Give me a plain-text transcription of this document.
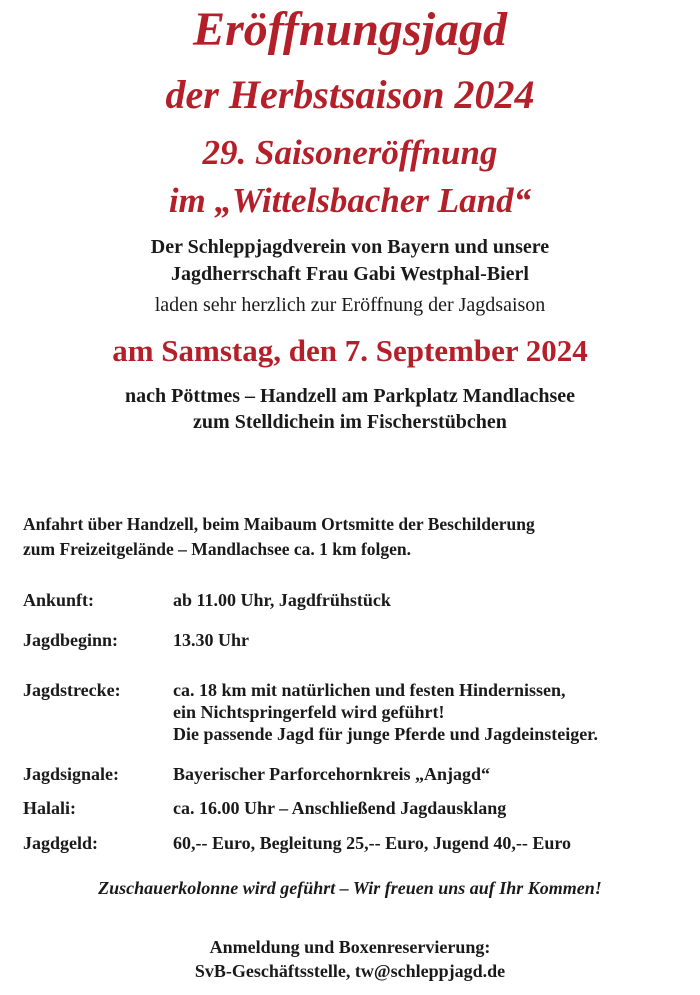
Eröffnungsjagd
der Herbstsaison 2024
29. Saisoneröffnung
im „Wittelsbacher Land“
Der Schleppjagdverein von Bayern und unsere
Jagdherrschaft Frau Gabi Westphal-Bierl
laden sehr herzlich zur Eröffnung der Jagdsaison
am Samstag, den 7. September 2024
nach Pöttmes – Handzell am Parkplatz Mandlachsee
zum Stelldichein im Fischerstübchen
Anfahrt über Handzell, beim Maibaum Ortsmitte der Beschilderung
zum Freizeitgelände – Mandlachsee ca. 1 km folgen.
Ankunft:	ab 11.00 Uhr, Jagdfrühstück
Jagdbeginn:	13.30 Uhr
Jagdstrecke:	ca. 18 km mit natürlichen und festen Hindernissen,
ein Nichtspringerfeld wird geführt!
Die passende Jagd für junge Pferde und Jagdeinsteiger.
Jagdsignale:	Bayerischer Parforcehornkreis „Anjagd“
Halali:	ca. 16.00 Uhr – Anschließend Jagdausklang
Jagdgeld:	60,-- Euro, Begleitung 25,-- Euro, Jugend 40,-- Euro
Zuschauerkolonne wird geführt – Wir freuen uns auf Ihr Kommen!
Anmeldung und Boxenreservierung:
SvB-Geschäftsstelle, tw@schleppjagd.de
